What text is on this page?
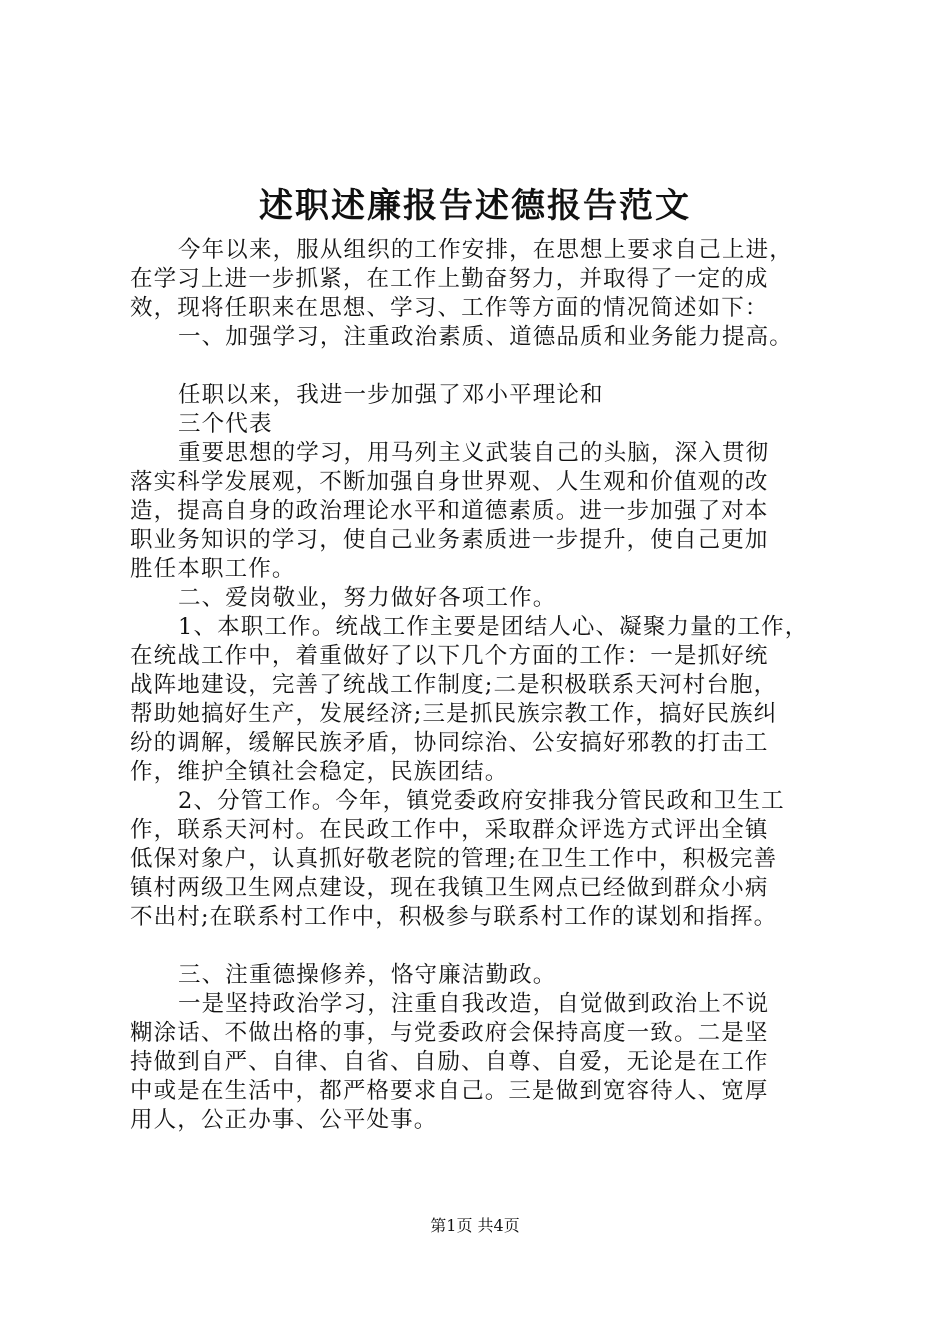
述职述廉报告述德报告范文
今年以来，服从组织的工作安排，在思想上要求自己上进，
在学习上进一步抓紧，在工作上勤奋努力，并取得了一定的成
效，现将任职来在思想、学习、工作等方面的情况简述如下：
一、加强学习，注重政治素质、道德品质和业务能力提高。
任职以来，我进一步加强了邓小平理论和
三个代表
重要思想的学习，用马列主义武装自己的头脑，深入贯彻
落实科学发展观，不断加强自身世界观、人生观和价值观的改
造，提高自身的政治理论水平和道德素质。进一步加强了对本
职业务知识的学习，使自己业务素质进一步提升，使自己更加
胜任本职工作。
二、爱岗敬业，努力做好各项工作。
1、本职工作。统战工作主要是团结人心、凝聚力量的工作，
在统战工作中，着重做好了以下几个方面的工作：一是抓好统
战阵地建设，完善了统战工作制度;二是积极联系天河村台胞，
帮助她搞好生产，发展经济;三是抓民族宗教工作，搞好民族纠
纷的调解，缓解民族矛盾，协同综治、公安搞好邪教的打击工
作，维护全镇社会稳定，民族团结。
2、分管工作。今年，镇党委政府安排我分管民政和卫生工
作，联系天河村。在民政工作中，采取群众评选方式评出全镇
低保对象户，认真抓好敬老院的管理;在卫生工作中，积极完善
镇村两级卫生网点建设，现在我镇卫生网点已经做到群众小病
不出村;在联系村工作中，积极参与联系村工作的谋划和指挥。
三、注重德操修养，恪守廉洁勤政。
一是坚持政治学习，注重自我改造，自觉做到政治上不说
糊涂话、不做出格的事，与党委政府会保持高度一致。二是坚
持做到自严、自律、自省、自励、自尊、自爱，无论是在工作
中或是在生活中，都严格要求自己。三是做到宽容待人、宽厚
用人，公正办事、公平处事。
第1页 共4页
